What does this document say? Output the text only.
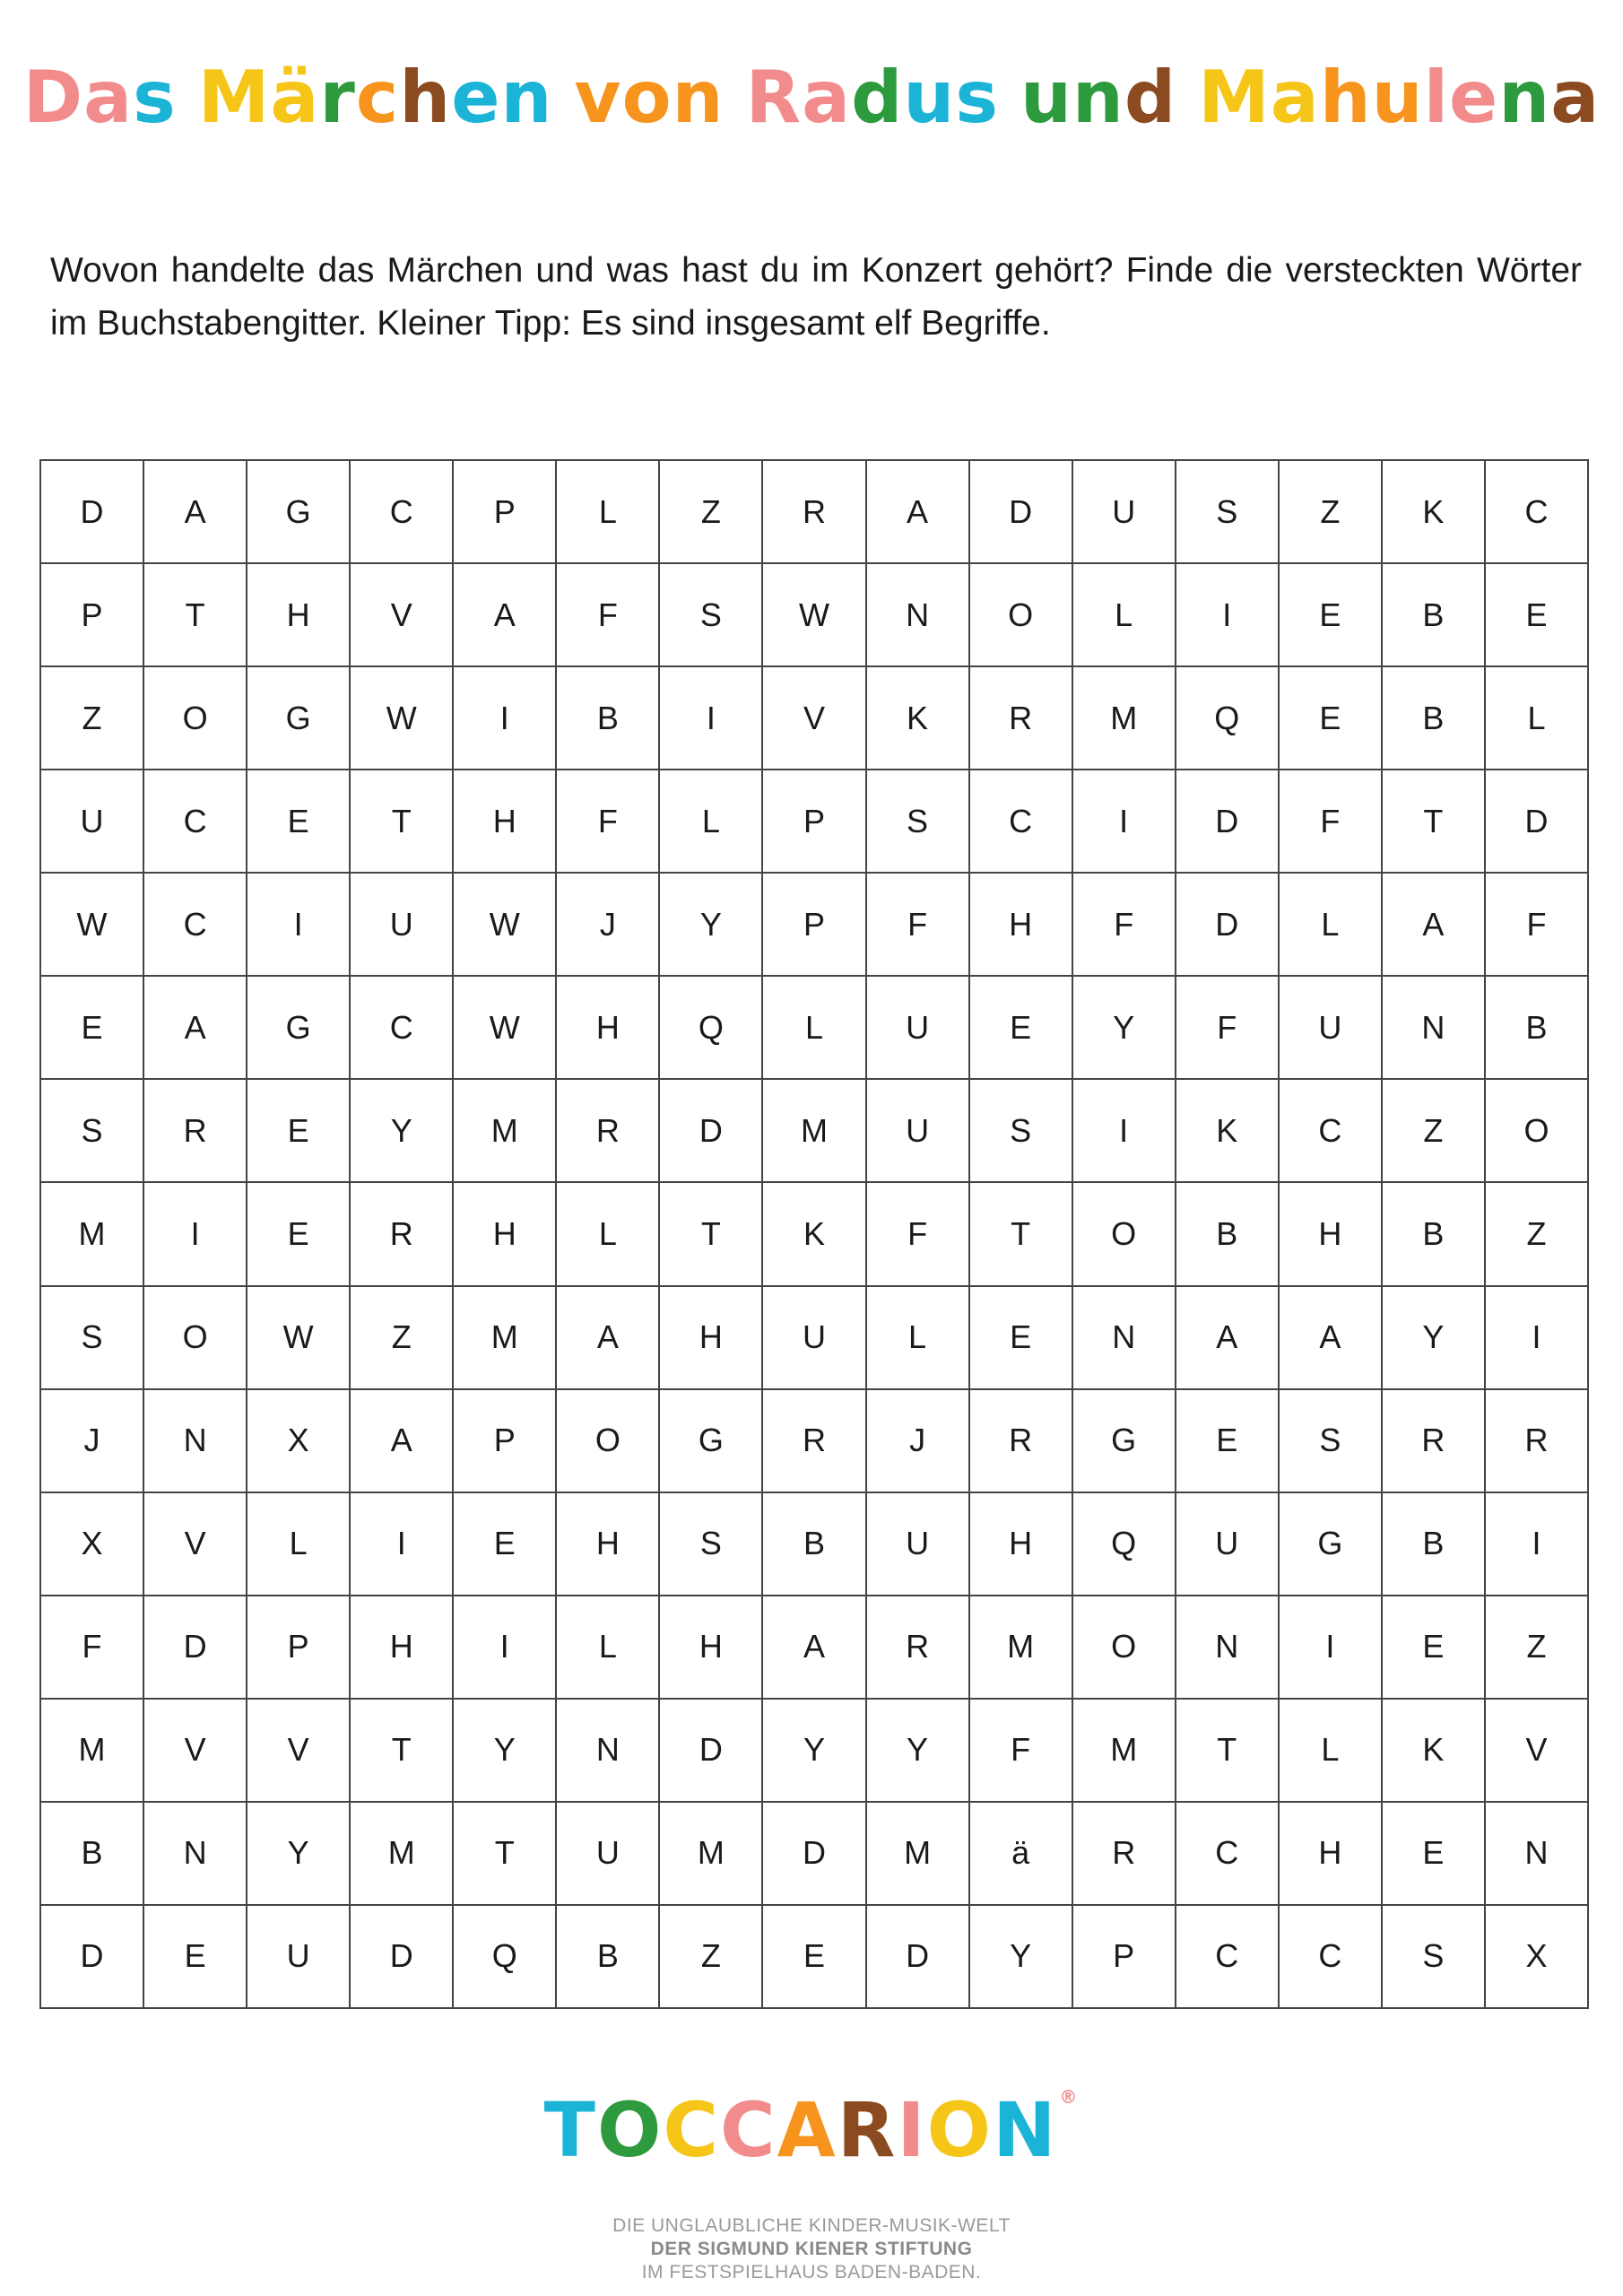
Das Märchen von Radus und Mahulena
Wovon handelte das Märchen und was hast du im Konzert gehört? Finde die versteckten Wörter im Buchstabengitter. Kleiner Tipp: Es sind insgesamt elf Begriffe.
D	A	G	C	P	L	Z	R	A	D	U	S	Z	K	C
P	T	H	V	A	F	S	W	N	O	L	I	E	B	E
Z	O	G	W	I	B	I	V	K	R	M	Q	E	B	L
U	C	E	T	H	F	L	P	S	C	I	D	F	T	D
W	C	I	U	W	J	Y	P	F	H	F	D	L	A	F
E	A	G	C	W	H	Q	L	U	E	Y	F	U	N	B
S	R	E	Y	M	R	D	M	U	S	I	K	C	Z	O
M	I	E	R	H	L	T	K	F	T	O	B	H	B	Z
S	O	W	Z	M	A	H	U	L	E	N	A	A	Y	I
J	N	X	A	P	O	G	R	J	R	G	E	S	R	R
X	V	L	I	E	H	S	B	U	H	Q	U	G	B	I
F	D	P	H	I	L	H	A	R	M	O	N	I	E	Z
M	V	V	T	Y	N	D	Y	Y	F	M	T	L	K	V
B	N	Y	M	T	U	M	D	M	ä	R	C	H	E	N
D	E	U	D	Q	B	Z	E	D	Y	P	C	C	S	X
TOCCARION ®
DIE UNGLAUBLICHE KINDER-MUSIK-WELT
DER SIGMUND KIENER STIFTUNG
IM FESTSPIELHAUS BADEN-BADEN.
